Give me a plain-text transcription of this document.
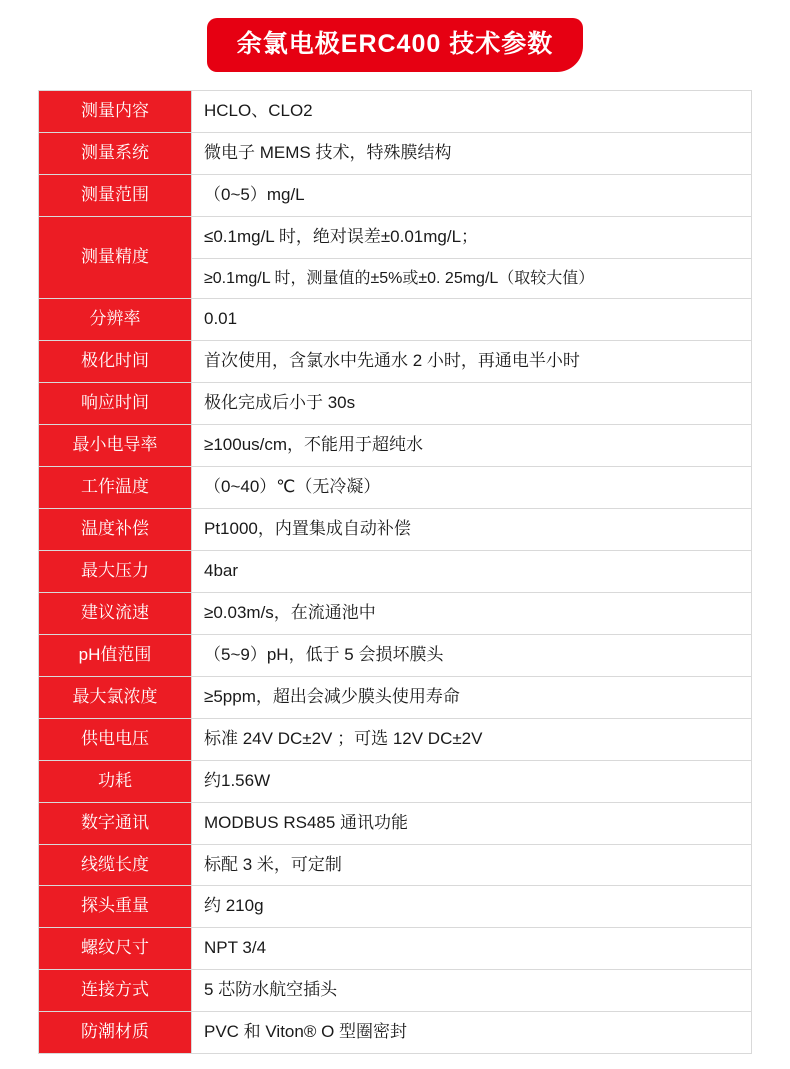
余氯电极ERC400 技术参数
测量内容	HCLO、CLO2
测量系统	微电子 MEMS 技术，特殊膜结构
测量范围	（0~5）mg/L
测量精度	≤0.1mg/L 时，绝对误差±0.01mg/L；
	≥0.1mg/L 时，测量值的±5%或±0. 25mg/L（取较大值）
分辨率	0.01
极化时间	首次使用，含氯水中先通水 2 小时，再通电半小时
响应时间	极化完成后小于 30s
最小电导率	≥100us/cm，不能用于超纯水
工作温度	（0~40）℃（无冷凝）
温度补偿	Pt1000，内置集成自动补偿
最大压力	4bar
建议流速	≥0.03m/s，在流通池中
pH值范围	（5~9）pH，低于 5 会损坏膜头
最大氯浓度	≥5ppm，超出会减少膜头使用寿命
供电电压	标准 24V DC±2V ；可选 12V DC±2V
功耗	约1.56W
数字通讯	MODBUS RS485 通讯功能
线缆长度	标配 3 米，可定制
探头重量	约 210g
螺纹尺寸	NPT 3/4
连接方式	5 芯防水航空插头
防潮材质	PVC 和 Viton® O 型圈密封
